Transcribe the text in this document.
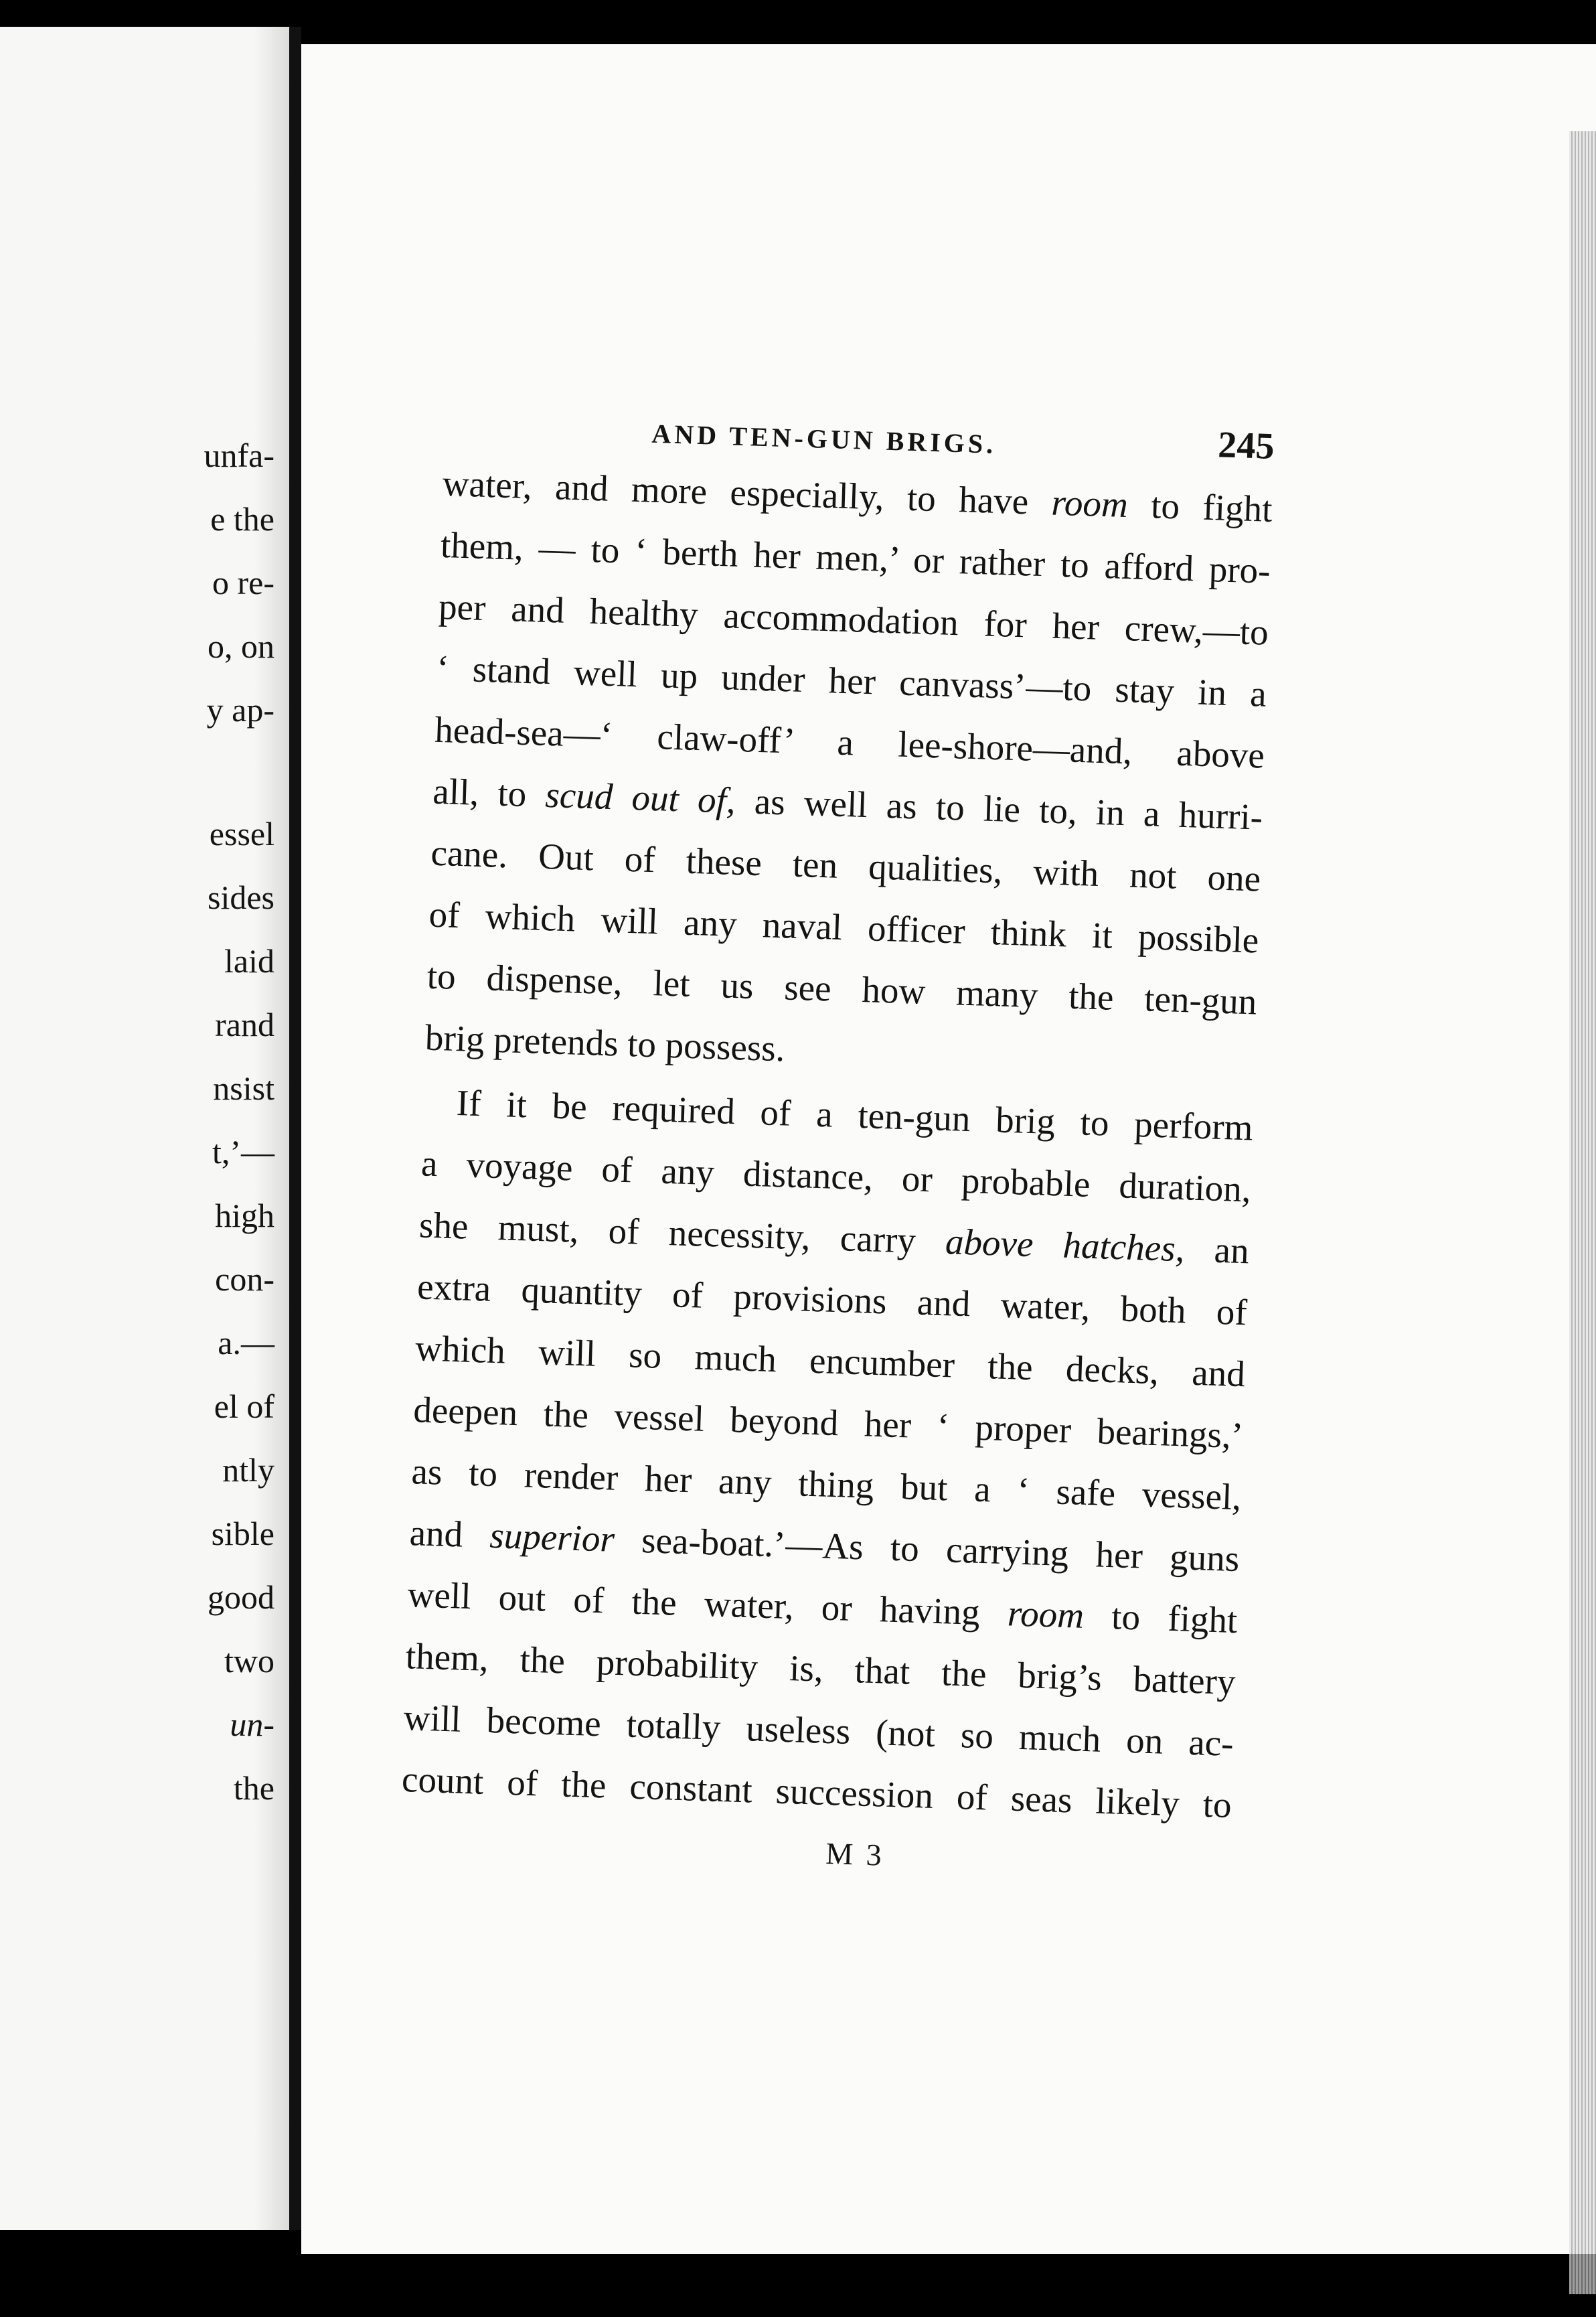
unfa-
e the
o re-
o, on
y ap-
essel
sides
laid
rand
nsist
t,’—
high
con-
a.—
el of
ntly
sible
good
two
un-
the
AND TEN-GUN BRIGS.	245
water, and more especially, to have room to fight
them, — to ‘ berth her men,’ or rather to afford pro-
per and healthy accommodation for her crew,—to
‘ stand well up under her canvass’—to stay in a
head-sea—‘ claw-off’ a lee-shore—and, above
all, to scud out of, as well as to lie to, in a hurri-
cane. Out of these ten qualities, with not one
of which will any naval officer think it possible
to dispense, let us see how many the ten-gun
brig pretends to possess.
If it be required of a ten-gun brig to perform
a voyage of any distance, or probable duration,
she must, of necessity, carry above hatches, an
extra quantity of provisions and water, both of
which will so much encumber the decks, and
deepen the vessel beyond her ‘ proper bearings,’
as to render her any thing but a ‘ safe vessel,
and superior sea-boat.’—As to carrying her guns
well out of the water, or having room to fight
them, the probability is, that the brig’s battery
will become totally useless (not so much on ac-
count of the constant succession of seas likely to
M 3
